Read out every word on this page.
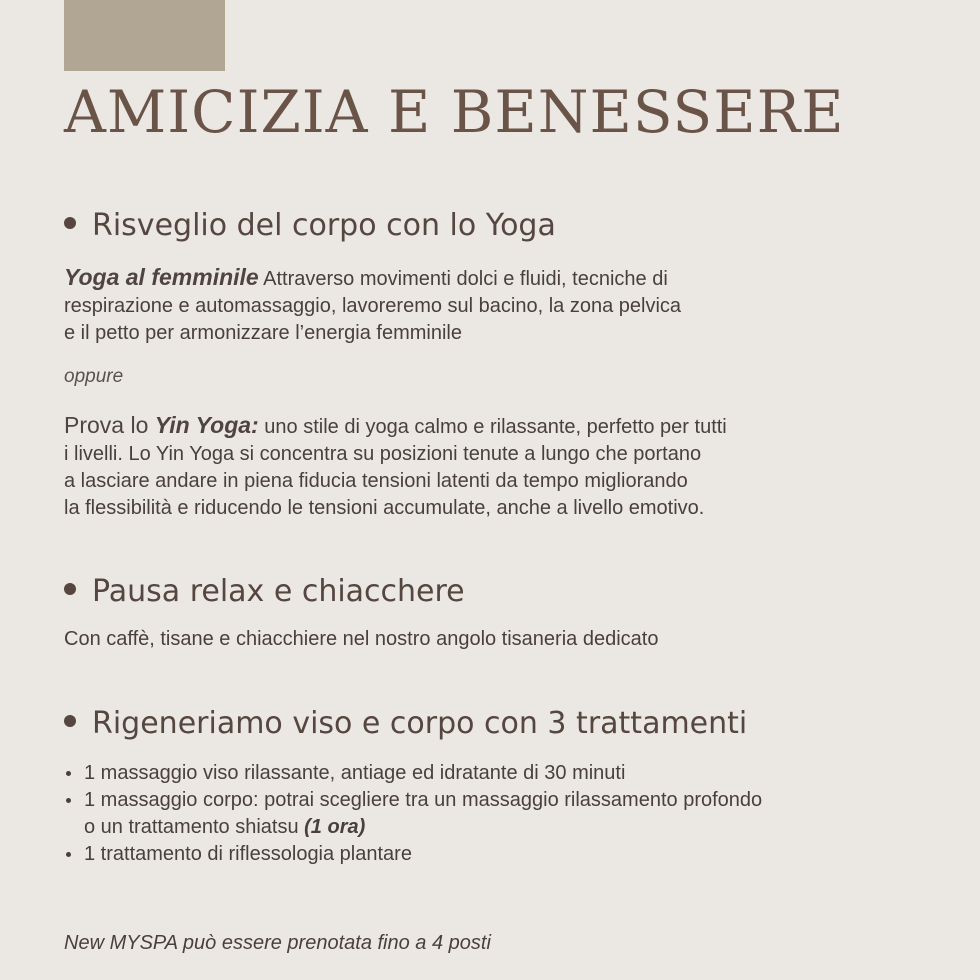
AMICIZIA E BENESSERE
Risveglio del corpo con lo Yoga

Yoga al femminile Attraverso movimenti dolci e fluidi, tecniche di
respirazione e automassaggio, lavoreremo sul bacino, la zona pelvica
e il petto per armonizzare l’energia femminile

oppure

Prova lo Yin Yoga: uno stile di yoga calmo e rilassante, perfetto per tutti
i livelli. Lo Yin Yoga si concentra su posizioni tenute a lungo che portano
a lasciare andare in piena fiducia tensioni latenti da tempo migliorando
la flessibilità e riducendo le tensioni accumulate, anche a livello emotivo.

Pausa relax e chiacchere

Con caffè, tisane e chiacchiere nel nostro angolo tisaneria dedicato

Rigeneriamo viso e corpo con 3 trattamenti
1 massaggio viso rilassante, antiage ed idratante di 30 minuti
1 massaggio corpo: potrai scegliere tra un massaggio rilassamento profondo
o un trattamento shiatsu (1 ora)
1 trattamento di riflessologia plantare

New MYSPA può essere prenotata fino a 4 posti
